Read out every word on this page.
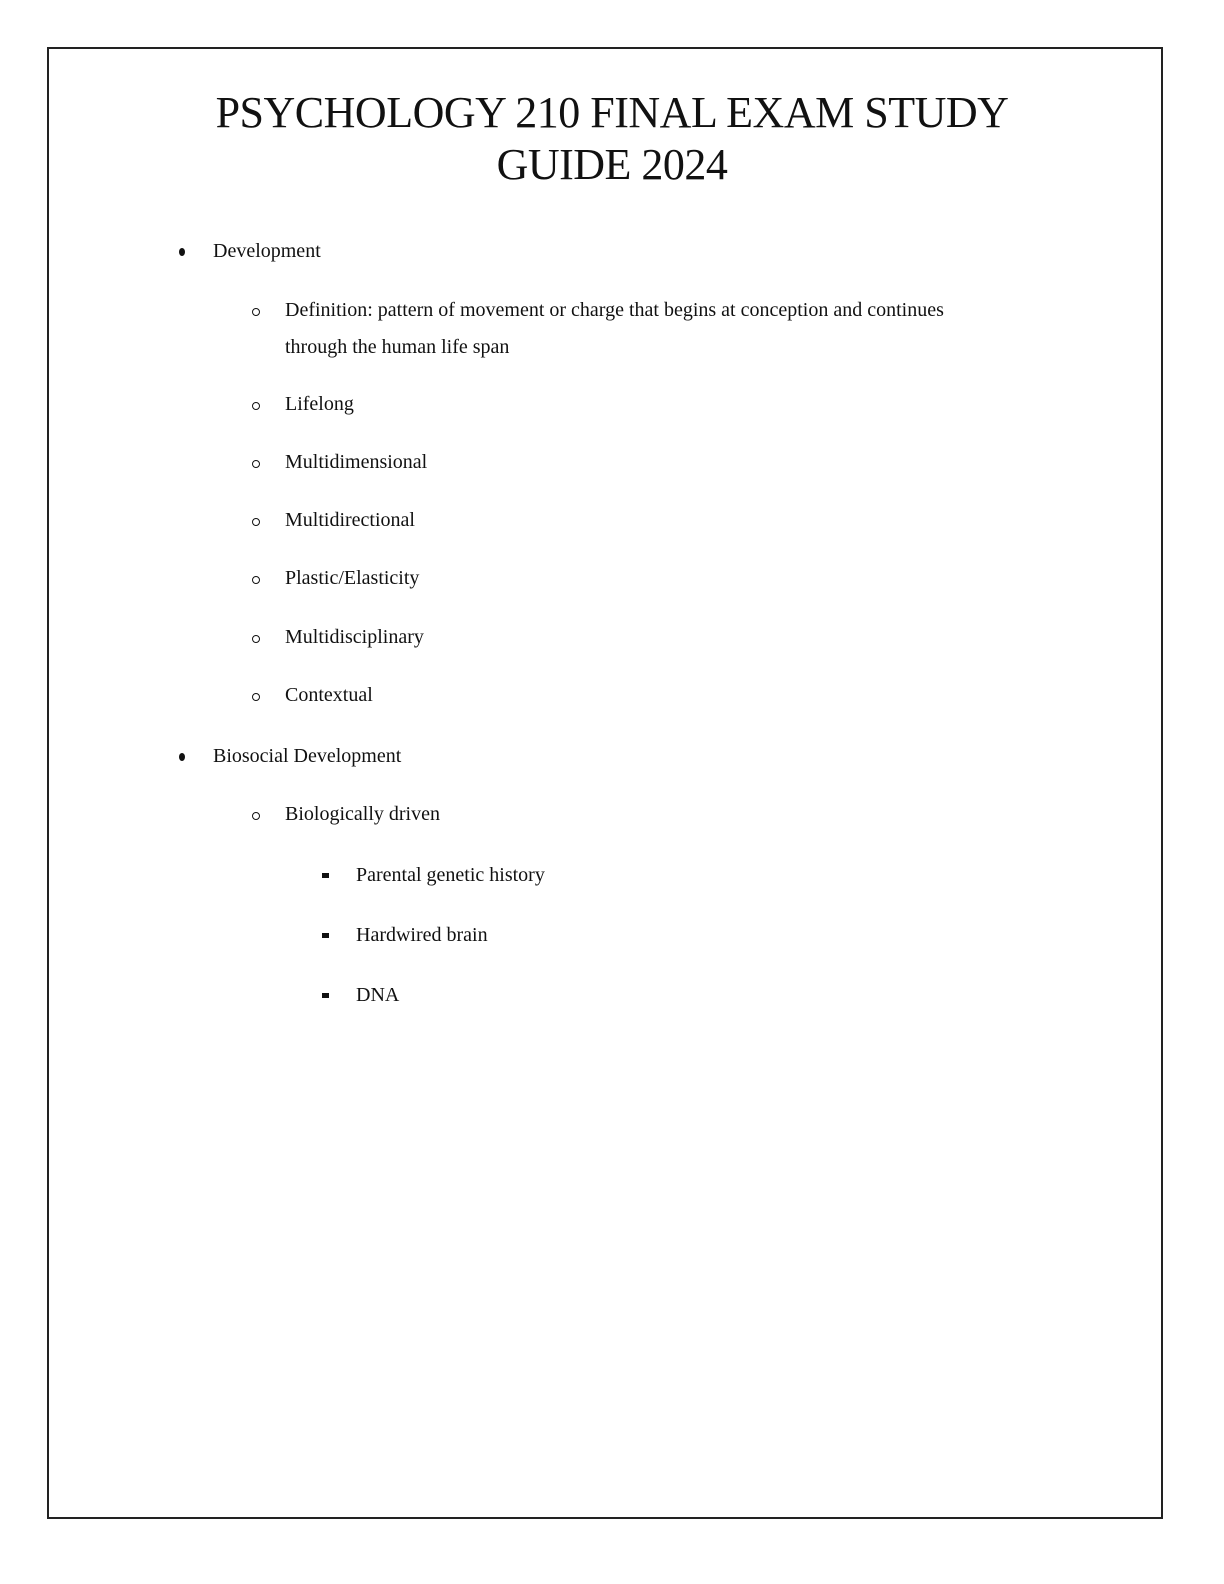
PSYCHOLOGY 210 FINAL EXAM STUDY
GUIDE 2024
Development
Definition: pattern of movement or charge that begins at conception and continues
through the human life span
Lifelong
Multidimensional
Multidirectional
Plastic/Elasticity
Multidisciplinary
Contextual
Biosocial Development
Biologically driven
Parental genetic history
Hardwired brain
DNA
